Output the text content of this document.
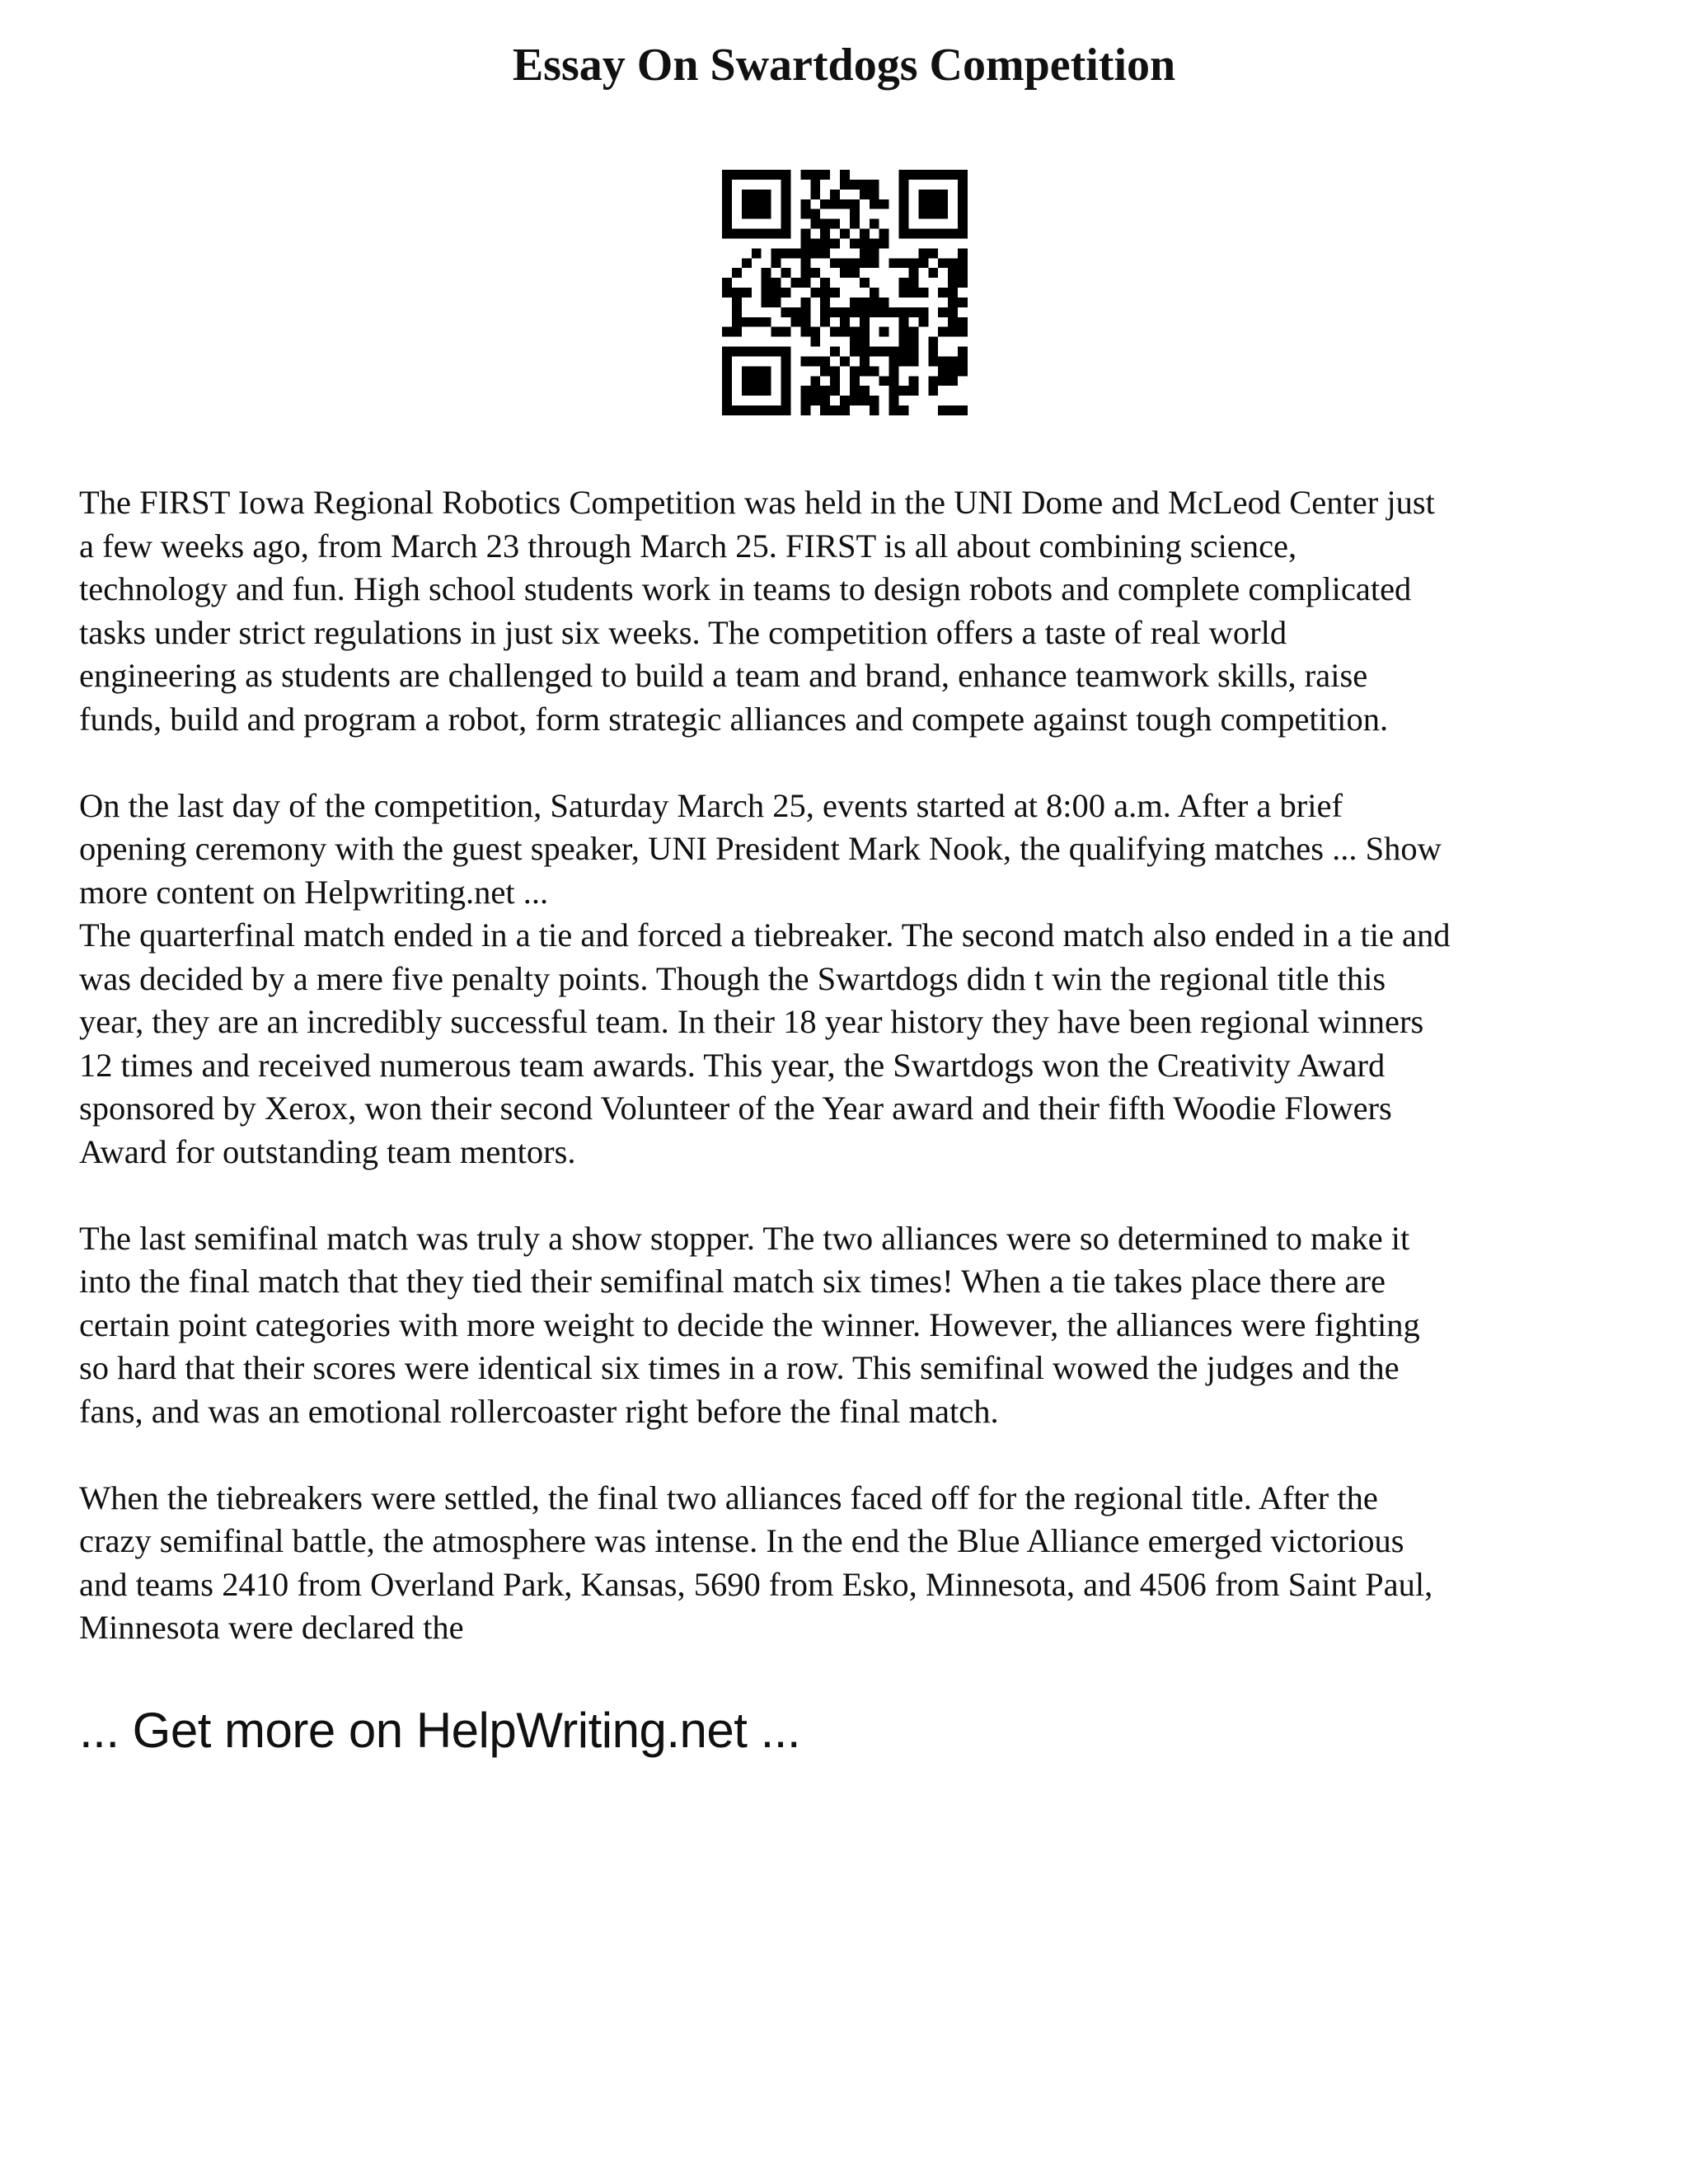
Essay On Swartdogs Competition

The FIRST Iowa Regional Robotics Competition was held in the UNI Dome and McLeod Center just
a few weeks ago, from March 23 through March 25. FIRST is all about combining science,
technology and fun. High school students work in teams to design robots and complete complicated
tasks under strict regulations in just six weeks. The competition offers a taste of real world
engineering as students are challenged to build a team and brand, enhance teamwork skills, raise
funds, build and program a robot, form strategic alliances and compete against tough competition.

On the last day of the competition, Saturday March 25, events started at 8:00 a.m. After a brief
opening ceremony with the guest speaker, UNI President Mark Nook, the qualifying matches ... Show
more content on Helpwriting.net ...

The quarterfinal match ended in a tie and forced a tiebreaker. The second match also ended in a tie and
was decided by a mere five penalty points. Though the Swartdogs didn t win the regional title this
year, they are an incredibly successful team. In their 18 year history they have been regional winners
12 times and received numerous team awards. This year, the Swartdogs won the Creativity Award
sponsored by Xerox, won their second Volunteer of the Year award and their fifth Woodie Flowers
Award for outstanding team mentors.

The last semifinal match was truly a show stopper. The two alliances were so determined to make it
into the final match that they tied their semifinal match six times! When a tie takes place there are
certain point categories with more weight to decide the winner. However, the alliances were fighting
so hard that their scores were identical six times in a row. This semifinal wowed the judges and the
fans, and was an emotional rollercoaster right before the final match.

When the tiebreakers were settled, the final two alliances faced off for the regional title. After the
crazy semifinal battle, the atmosphere was intense. In the end the Blue Alliance emerged victorious
and teams 2410 from Overland Park, Kansas, 5690 from Esko, Minnesota, and 4506 from Saint Paul,
Minnesota were declared the

... Get more on HelpWriting.net ...
